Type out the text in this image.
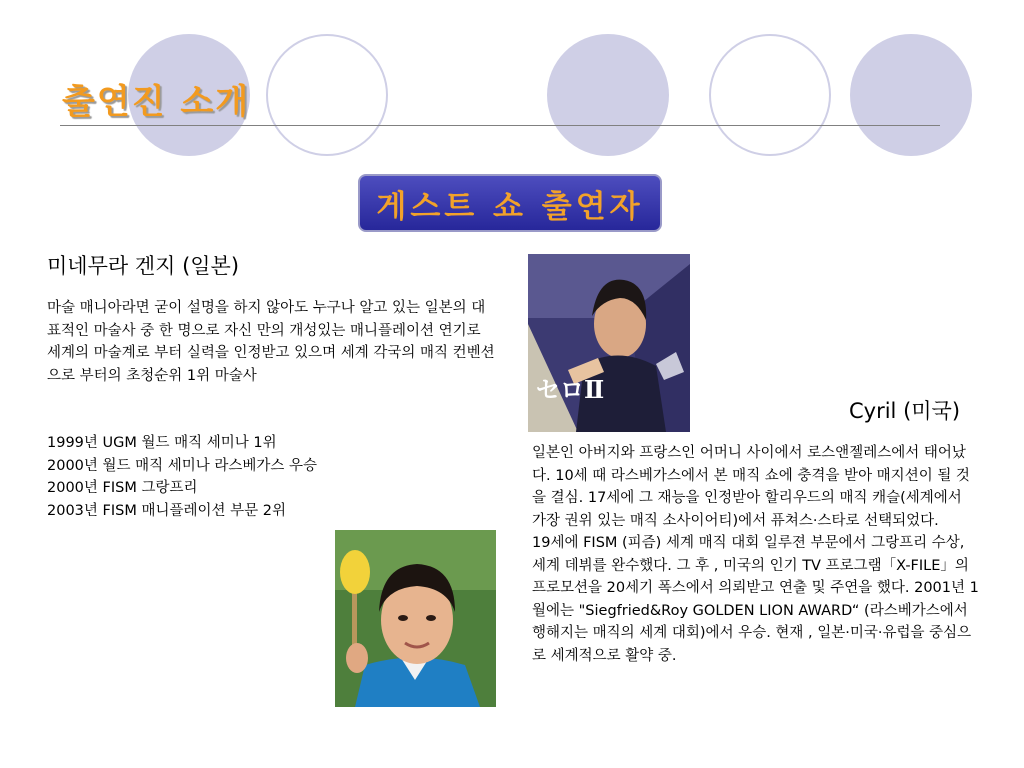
출연진 소개
게스트 쇼 출연자
미네무라 겐지 (일본)

마술 매니아라면 굳이 설명을 하지 않아도 누구나 알고 있는 일본의 대표적인 마술사 중 한 명으로 자신 만의 개성있는 매니플레이션 연기로 세계의 마술계로 부터 실력을 인정받고 있으며 세계 각국의 매직 컨벤션으로 부터의 초청순위 1위 마술사

1999년 UGM 월드 매직 세미나 1위
2000년 월드 매직 세미나 라스베가스 우승
2000년 FISM 그랑프리
2003년 FISM 매니플레이션 부문 2위
セロⅡ
Cyril (미국)
일본인 아버지와 프랑스인 어머니 사이에서 로스앤젤레스에서 태어났다. 10세 때 라스베가스에서 본 매직 쇼에 충격을 받아 매지션이 될 것을 결심. 17세에 그 재능을 인정받아 할리우드의 매직 캐슬(세계에서 가장 권위 있는 매직 소사이어티)에서 퓨쳐스·스타로 선택되었다.
19세에 FISM (피즘) 세계 매직 대회 일루젼 부문에서 그랑프리 수상, 세계 데뷔를 완수했다. 그 후 , 미국의 인기 TV 프로그램「X-FILE」의 프로모션을 20세기 폭스에서 의뢰받고 연출 및 주연을 했다. 2001년 1월에는 "Siegfried&Roy GOLDEN LION AWARD“ (라스베가스에서 행해지는 매직의 세계 대회)에서 우승. 현재 , 일본·미국·유럽을 중심으로 세계적으로 활약 중.
